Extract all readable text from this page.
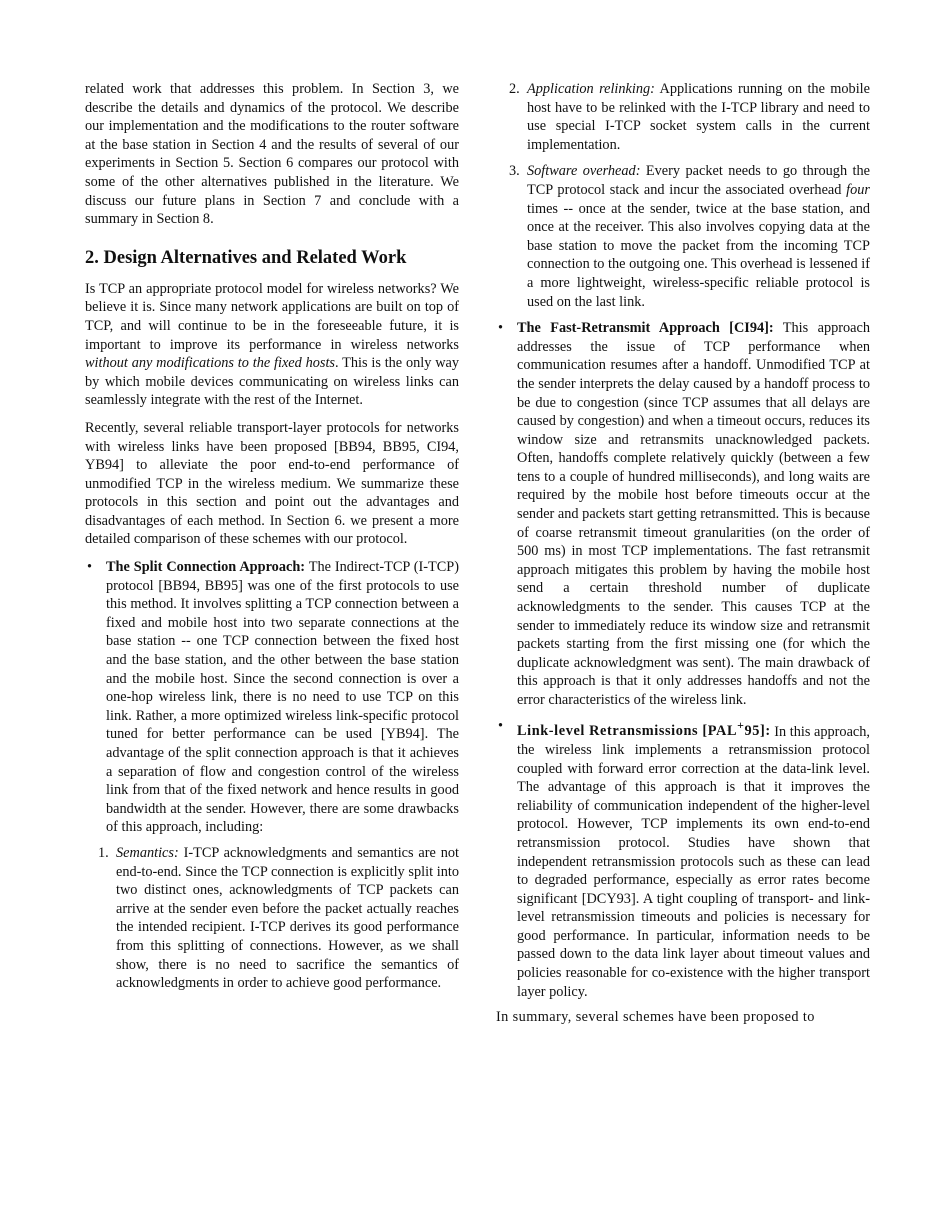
related work that addresses this problem. In Section 3, we describe the details and dynamics of the protocol. We describe our implementation and the modifications to the router software at the base station in Section 4 and the results of several of our experiments in Section 5. Section 6 compares our protocol with some of the other alternatives published in the literature. We discuss our future plans in Section 7 and conclude with a summary in Section 8.

2. Design Alternatives and Related Work

Is TCP an appropriate protocol model for wireless networks? We believe it is. Since many network applications are built on top of TCP, and will continue to be in the foreseeable future, it is important to improve its performance in wireless networks without any modifications to the fixed hosts. This is the only way by which mobile devices communicating on wireless links can seamlessly integrate with the rest of the Internet.

Recently, several reliable transport-layer protocols for networks with wireless links have been proposed [BB94, BB95, CI94, YB94] to alleviate the poor end-to-end performance of unmodified TCP in the wireless medium. We summarize these protocols in this section and point out the advantages and disadvantages of each method. In Section 6. we present a more detailed comparison of these schemes with our protocol.

• The Split Connection Approach: The Indirect-TCP (I-TCP) protocol [BB94, BB95] was one of the first protocols to use this method. It involves splitting a TCP connection between a fixed and mobile host into two separate connections at the base station -- one TCP connection between the fixed host and the base station, and the other between the base station and the mobile host. Since the second connection is over a one-hop wireless link, there is no need to use TCP on this link. Rather, a more optimized wireless link-specific protocol tuned for better performance can be used [YB94]. The advantage of the split connection approach is that it achieves a separation of flow and congestion control of the wireless link from that of the fixed network and hence results in good bandwidth at the sender. However, there are some drawbacks of this approach, including:
1. Semantics: I-TCP acknowledgments and semantics are not end-to-end. Since the TCP connection is explicitly split into two distinct ones, acknowledgments of TCP packets can arrive at the sender even before the packet actually reaches the intended recipient. I-TCP derives its good performance from this splitting of connections. However, as we shall show, there is no need to sacrifice the semantics of acknowledgments in order to achieve good performance.
2. Application relinking: Applications running on the mobile host have to be relinked with the I-TCP library and need to use special I-TCP socket system calls in the current implementation.
3. Software overhead: Every packet needs to go through the TCP protocol stack and incur the associated overhead four times -- once at the sender, twice at the base station, and once at the receiver. This also involves copying data at the base station to move the packet from the incoming TCP connection to the outgoing one. This overhead is lessened if a more lightweight, wireless-specific reliable protocol is used on the last link.
• The Fast-Retransmit Approach [CI94]: This approach addresses the issue of TCP performance when communication resumes after a handoff. Unmodified TCP at the sender interprets the delay caused by a handoff process to be due to congestion (since TCP assumes that all delays are caused by congestion) and when a timeout occurs, reduces its window size and retransmits unacknowledged packets. Often, handoffs complete relatively quickly (between a few tens to a couple of hundred milliseconds), and long waits are required by the mobile host before timeouts occur at the sender and packets start getting retransmitted. This is because of coarse retransmit timeout granularities (on the order of 500 ms) in most TCP implementations. The fast retransmit approach mitigates this problem by having the mobile host send a certain threshold number of duplicate acknowledgments to the sender. This causes TCP at the sender to immediately reduce its window size and retransmit packets starting from the first missing one (for which the duplicate acknowledgment was sent). The main drawback of this approach is that it only addresses handoffs and not the error characteristics of the wireless link.
• Link-level Retransmissions [PAL+95]: In this approach, the wireless link implements a retransmission protocol coupled with forward error correction at the data-link level. The advantage of this approach is that it improves the reliability of communication independent of the higher-level protocol. However, TCP implements its own end-to-end retransmission protocol. Studies have shown that independent retransmission protocols such as these can lead to degraded performance, especially as error rates become significant [DCY93]. A tight coupling of transport- and link-level retransmission timeouts and policies is necessary for good performance. In particular, information needs to be passed down to the data link layer about timeout values and policies reasonable for co-existence with the higher transport layer policy.

In summary, several schemes have been proposed to
